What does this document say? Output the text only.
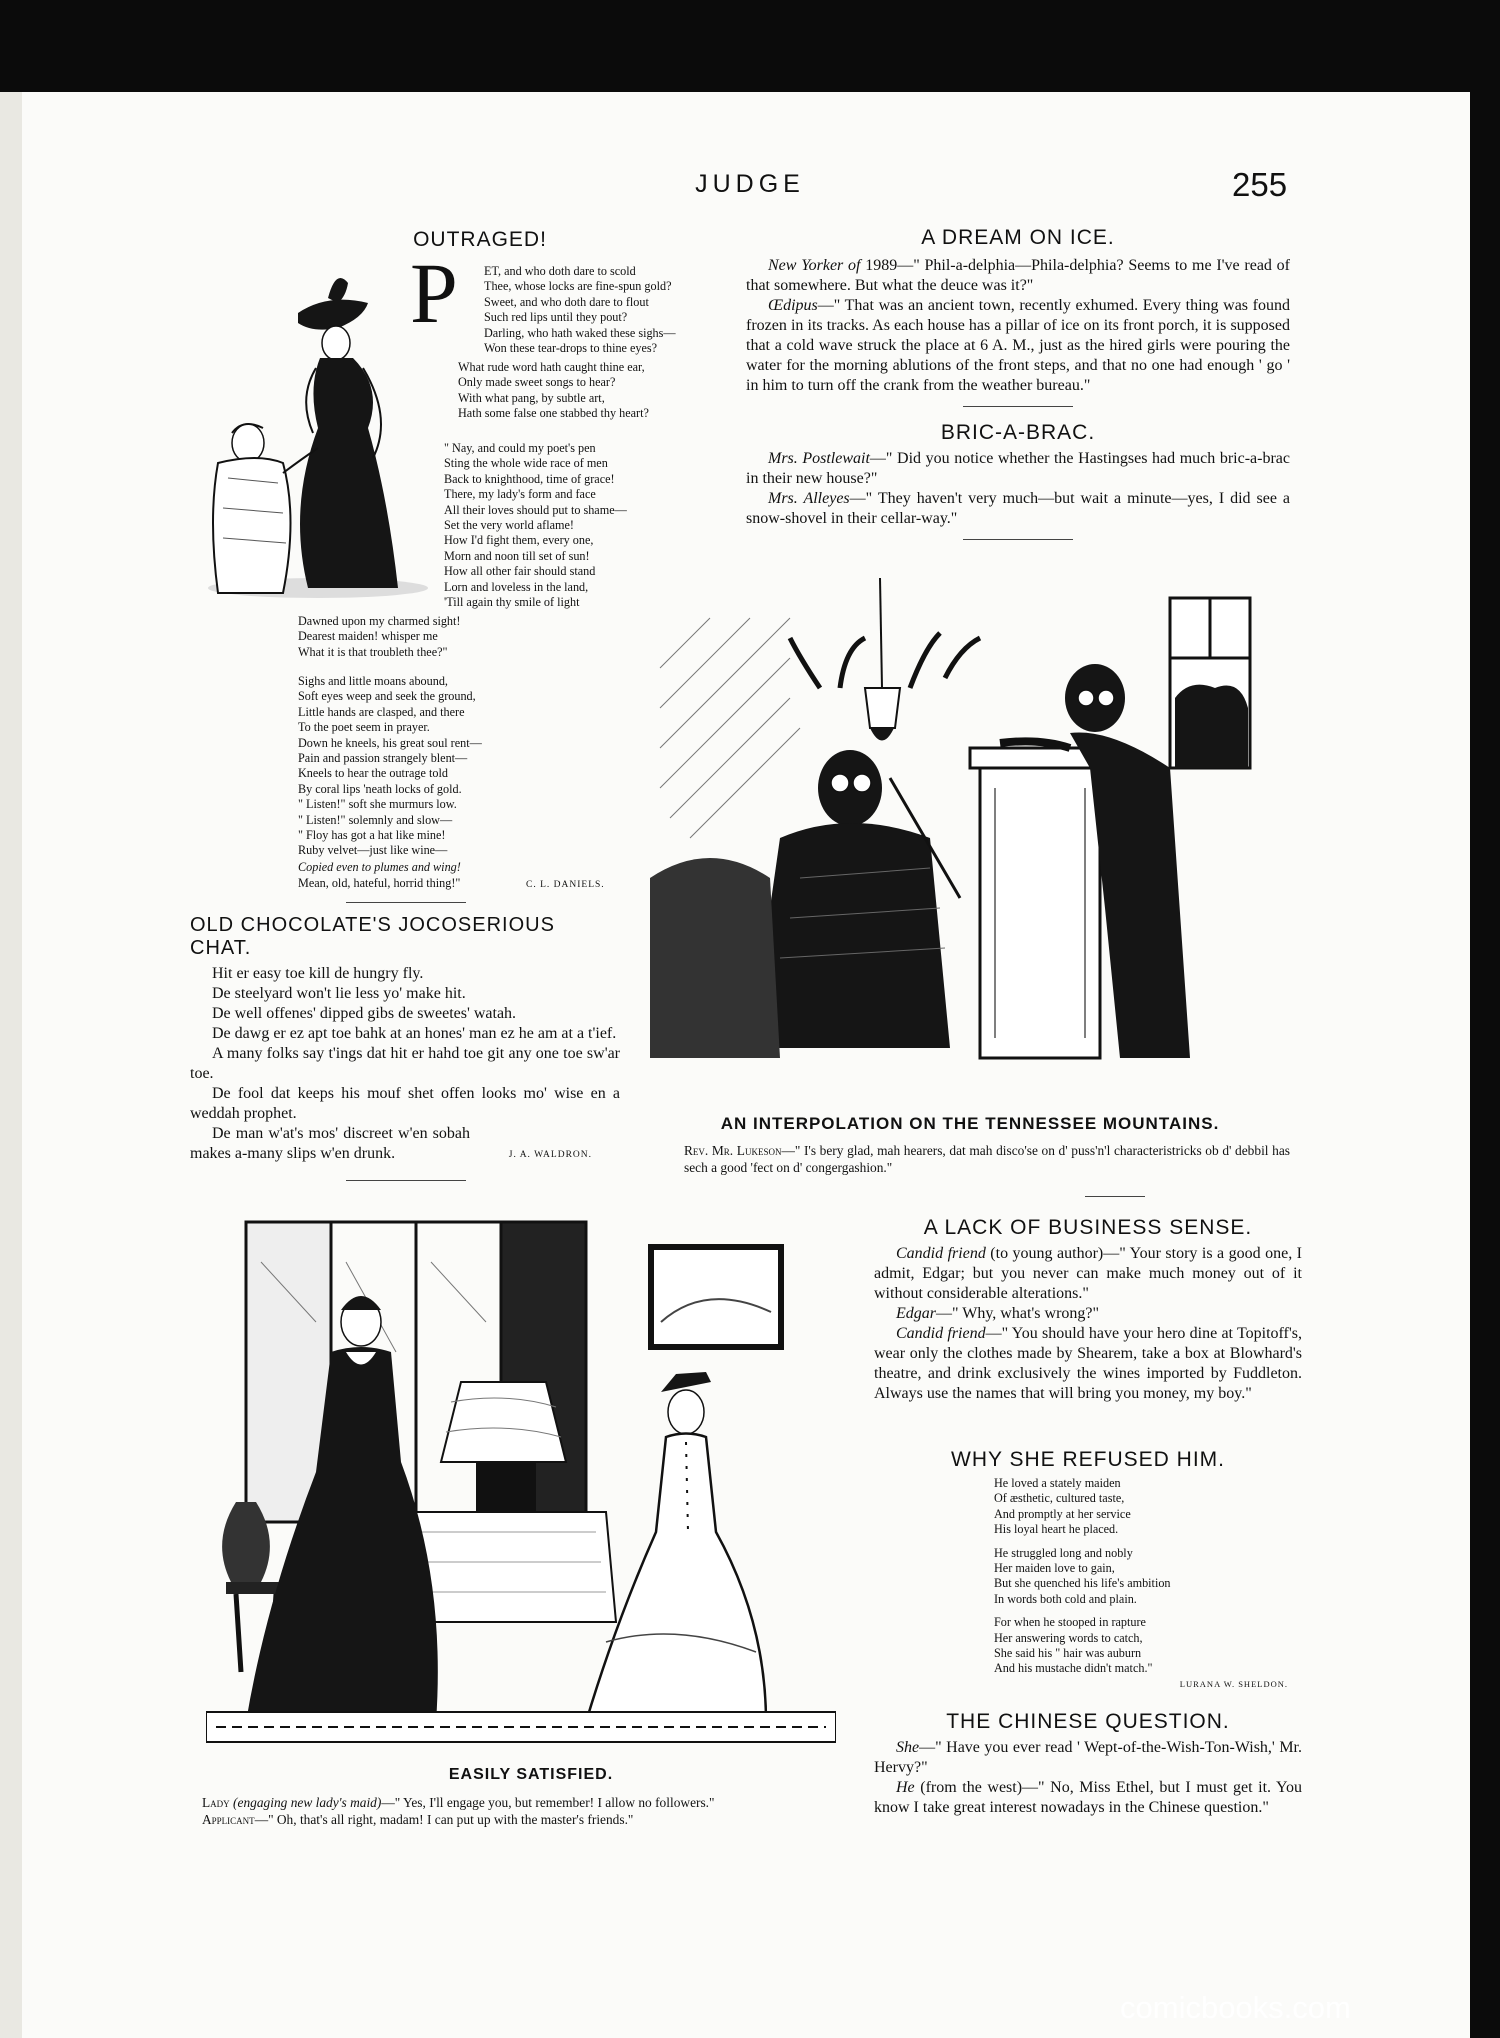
JUDGE	255
OUTRAGED!
P ET, and who doth dare to scold
Thee, whose locks are fine-spun gold?
Sweet, and who doth dare to flout
Such red lips until they pout?
Darling, who hath waked these sighs—
Won these tear-drops to thine eyes?
What rude word hath caught thine ear,
Only made sweet songs to hear?
With what pang, by subtle art,
Hath some false one stabbed thy heart?
" Nay, and could my poet's pen
Sting the whole wide race of men
Back to knighthood, time of grace!
There, my lady's form and face
All their loves should put to shame—
Set the very world aflame!
How I'd fight them, every one,
Morn and noon till set of sun!
How all other fair should stand
Lorn and loveless in the land,
'Till again thy smile of light
Dawned upon my charmed sight!
Dearest maiden! whisper me
What it is that troubleth thee?"
Sighs and little moans abound,
Soft eyes weep and seek the ground,
Little hands are clasped, and there
To the poet seem in prayer.
Down he kneels, his great soul rent—
Pain and passion strangely blent—
Kneels to hear the outrage told
By coral lips 'neath locks of gold.
" Listen!" soft she murmurs low.
" Listen!" solemnly and slow—
" Floy has got a hat like mine!
Ruby velvet—just like wine—
Copied even to plumes and wing!
Mean, old, hateful, horrid thing!"	C. L. DANIELS.
OLD CHOCOLATE'S JOCOSERIOUS CHAT.

Hit er easy toe kill de hungry fly.

De steelyard won't lie less yo' make hit.

De well offenes' dipped gibs de sweetes' watah.

De dawg er ez apt toe bahk at an hones' man ez he am at a t'ief.

A many folks say t'ings dat hit er hahd toe git any one toe sw'ar toe.

De fool dat keeps his mouf shet offen looks mo' wise en a weddah prophet.

De man w'at's mos' discreet w'en sobah makes a-many slips w'en drunk.	J. A. WALDRON.
A DREAM ON ICE.

New Yorker of 1989—" Phil-a-delphia—Phila-delphia? Seems to me I've read of that somewhere. But what the deuce was it?"

Œdipus—" That was an ancient town, recently exhumed. Every thing was found frozen in its tracks. As each house has a pillar of ice on its front porch, it is supposed that a cold wave struck the place at 6 A. M., just as the hired girls were pouring the water for the morning ablutions of the front steps, and that no one had enough ' go ' in him to turn off the crank from the weather bureau."

BRIC-A-BRAC.

Mrs. Postlewait—" Did you notice whether the Hastingses had much bric-a-brac in their new house?"

Mrs. Alleyes—" They haven't very much—but wait a minute—yes, I did see a snow-shovel in their cellar-way."

AN INTERPOLATION ON THE TENNESSEE MOUNTAINS.

Rev. Mr. Lukeson—" I's bery glad, mah hearers, dat mah disco'se on d' puss'n'l characteristricks ob d' debbil has sech a good 'fect on d' congergashion."

EASILY SATISFIED.

Lady (engaging new lady's maid)—" Yes, I'll engage you, but remember! I allow no followers."

Applicant—" Oh, that's all right, madam! I can put up with the master's friends."

A LACK OF BUSINESS SENSE.

Candid friend (to young author)—" Your story is a good one, I admit, Edgar; but you never can make much money out of it without considerable alterations."

Edgar—" Why, what's wrong?"

Candid friend—" You should have your hero dine at Topitoff's, wear only the clothes made by Shearem, take a box at Blowhard's theatre, and drink exclusively the wines imported by Fuddleton. Always use the names that will bring you money, my boy."

WHY SHE REFUSED HIM.
He loved a stately maiden
Of æsthetic, cultured taste,
And promptly at her service
His loyal heart he placed.
He struggled long and nobly
Her maiden love to gain,
But she quenched his life's ambition
In words both cold and plain.
For when he stooped in rapture
Her answering words to catch,
She said his " hair was auburn
And his mustache didn't match."
LURANA W. SHELDON.
THE CHINESE QUESTION.

She—" Have you ever read ' Wept-of-the-Wish-Ton-Wish,' Mr. Hervy?"

He (from the west)—" No, Miss Ethel, but I must get it. You know I take great interest nowadays in the Chinese question."

comicbooks.com
